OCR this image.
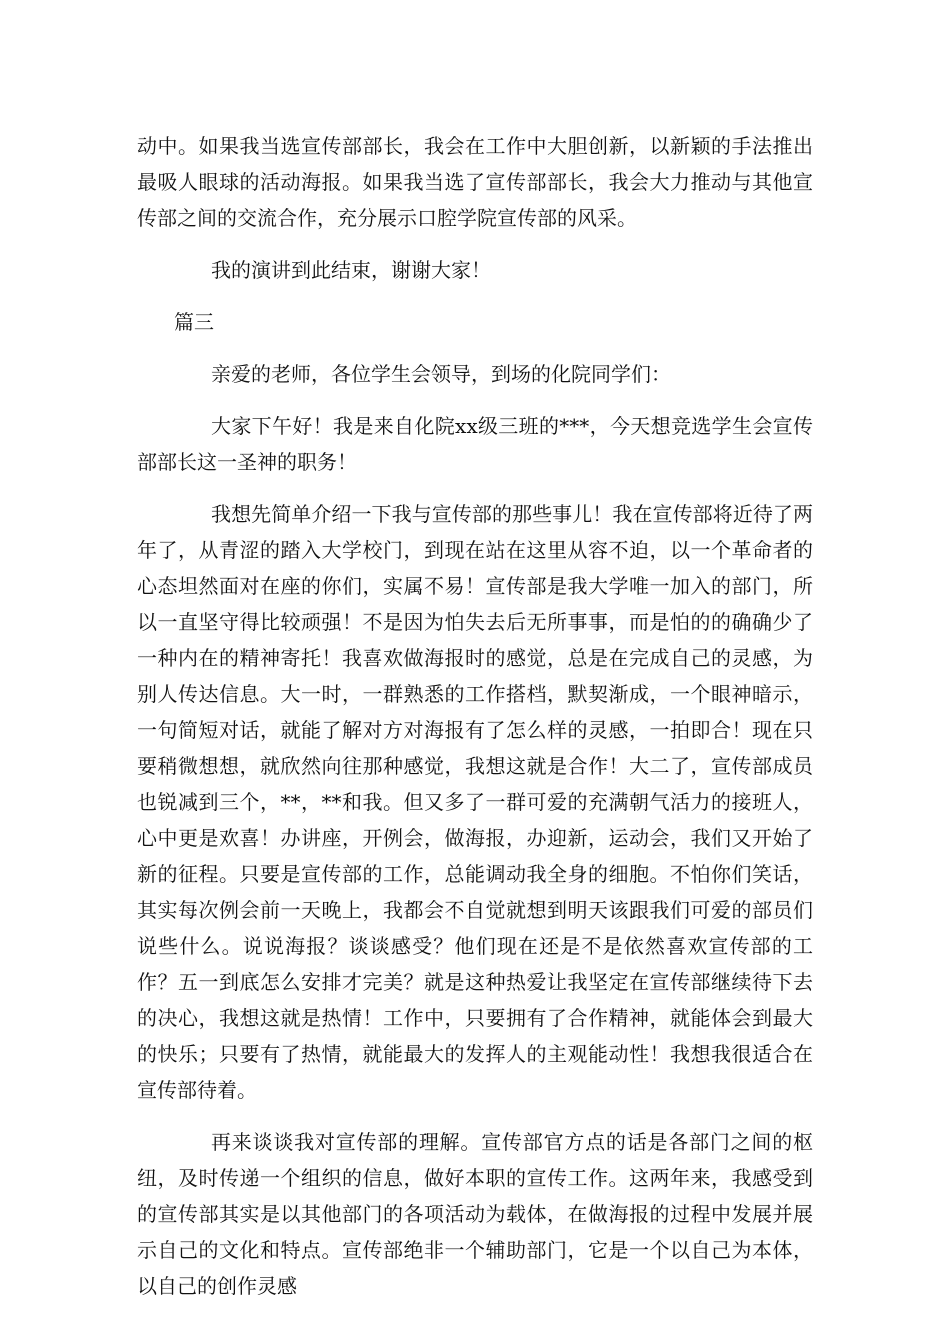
动中。如果我当选宣传部部长，我会在工作中大胆创新，以新颖的手法推出最吸人眼球的活动海报。如果我当选了宣传部部长，我会大力推动与其他宣传部之间的交流合作，充分展示口腔学院宣传部的风采。

我的演讲到此结束，谢谢大家！

篇三

亲爱的老师，各位学生会领导，到场的化院同学们：

大家下午好！我是来自化院xx级三班的***，今天想竞选学生会宣传部部长这一圣神的职务！

我想先简单介绍一下我与宣传部的那些事儿！我在宣传部将近待了两年了，从青涩的踏入大学校门，到现在站在这里从容不迫，以一个革命者的心态坦然面对在座的你们，实属不易！宣传部是我大学唯一加入的部门，所以一直坚守得比较顽强！不是因为怕失去后无所事事，而是怕的的确确少了一种内在的精神寄托！我喜欢做海报时的感觉，总是在完成自己的灵感，为别人传达信息。大一时，一群熟悉的工作搭档，默契渐成，一个眼神暗示，一句简短对话，就能了解对方对海报有了怎么样的灵感，一拍即合！现在只要稍微想想，就欣然向往那种感觉，我想这就是合作！大二了，宣传部成员也锐减到三个，**，**和我。但又多了一群可爱的充满朝气活力的接班人，心中更是欢喜！办讲座，开例会，做海报，办迎新，运动会，我们又开始了新的征程。只要是宣传部的工作，总能调动我全身的细胞。不怕你们笑话，其实每次例会前一天晚上，我都会不自觉就想到明天该跟我们可爱的部员们说些什么。说说海报？谈谈感受？他们现在还是不是依然喜欢宣传部的工作？五一到底怎么安排才完美？就是这种热爱让我坚定在宣传部继续待下去的决心，我想这就是热情！工作中，只要拥有了合作精神，就能体会到最大的快乐；只要有了热情，就能最大的发挥人的主观能动性！我想我很适合在宣传部待着。

再来谈谈我对宣传部的理解。宣传部官方点的话是各部门之间的枢纽，及时传递一个组织的信息，做好本职的宣传工作。这两年来，我感受到的宣传部其实是以其他部门的各项活动为载体，在做海报的过程中发展并展示自己的文化和特点。宣传部绝非一个辅助部门，它是一个以自己为本体，以自己的创作灵感
